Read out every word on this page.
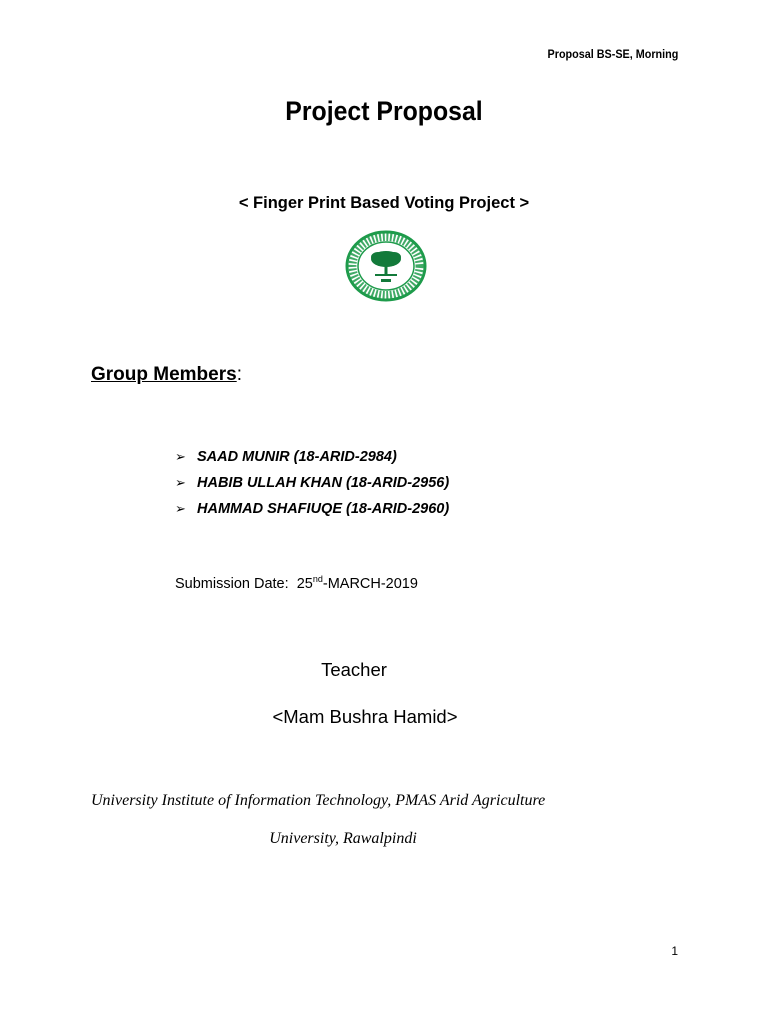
Proposal BS-SE, Morning
Project Proposal
< Finger Print Based Voting Project >
Group Members:
➢ SAAD MUNIR (18-ARID-2984)
➢ HABIB ULLAH KHAN (18-ARID-2956)
➢ HAMMAD SHAFIUQE (18-ARID-2960)
Submission Date: 25nd-MARCH-2019
Teacher
<Mam Bushra Hamid>
University Institute of Information Technology, PMAS Arid Agriculture
University, Rawalpindi
1
